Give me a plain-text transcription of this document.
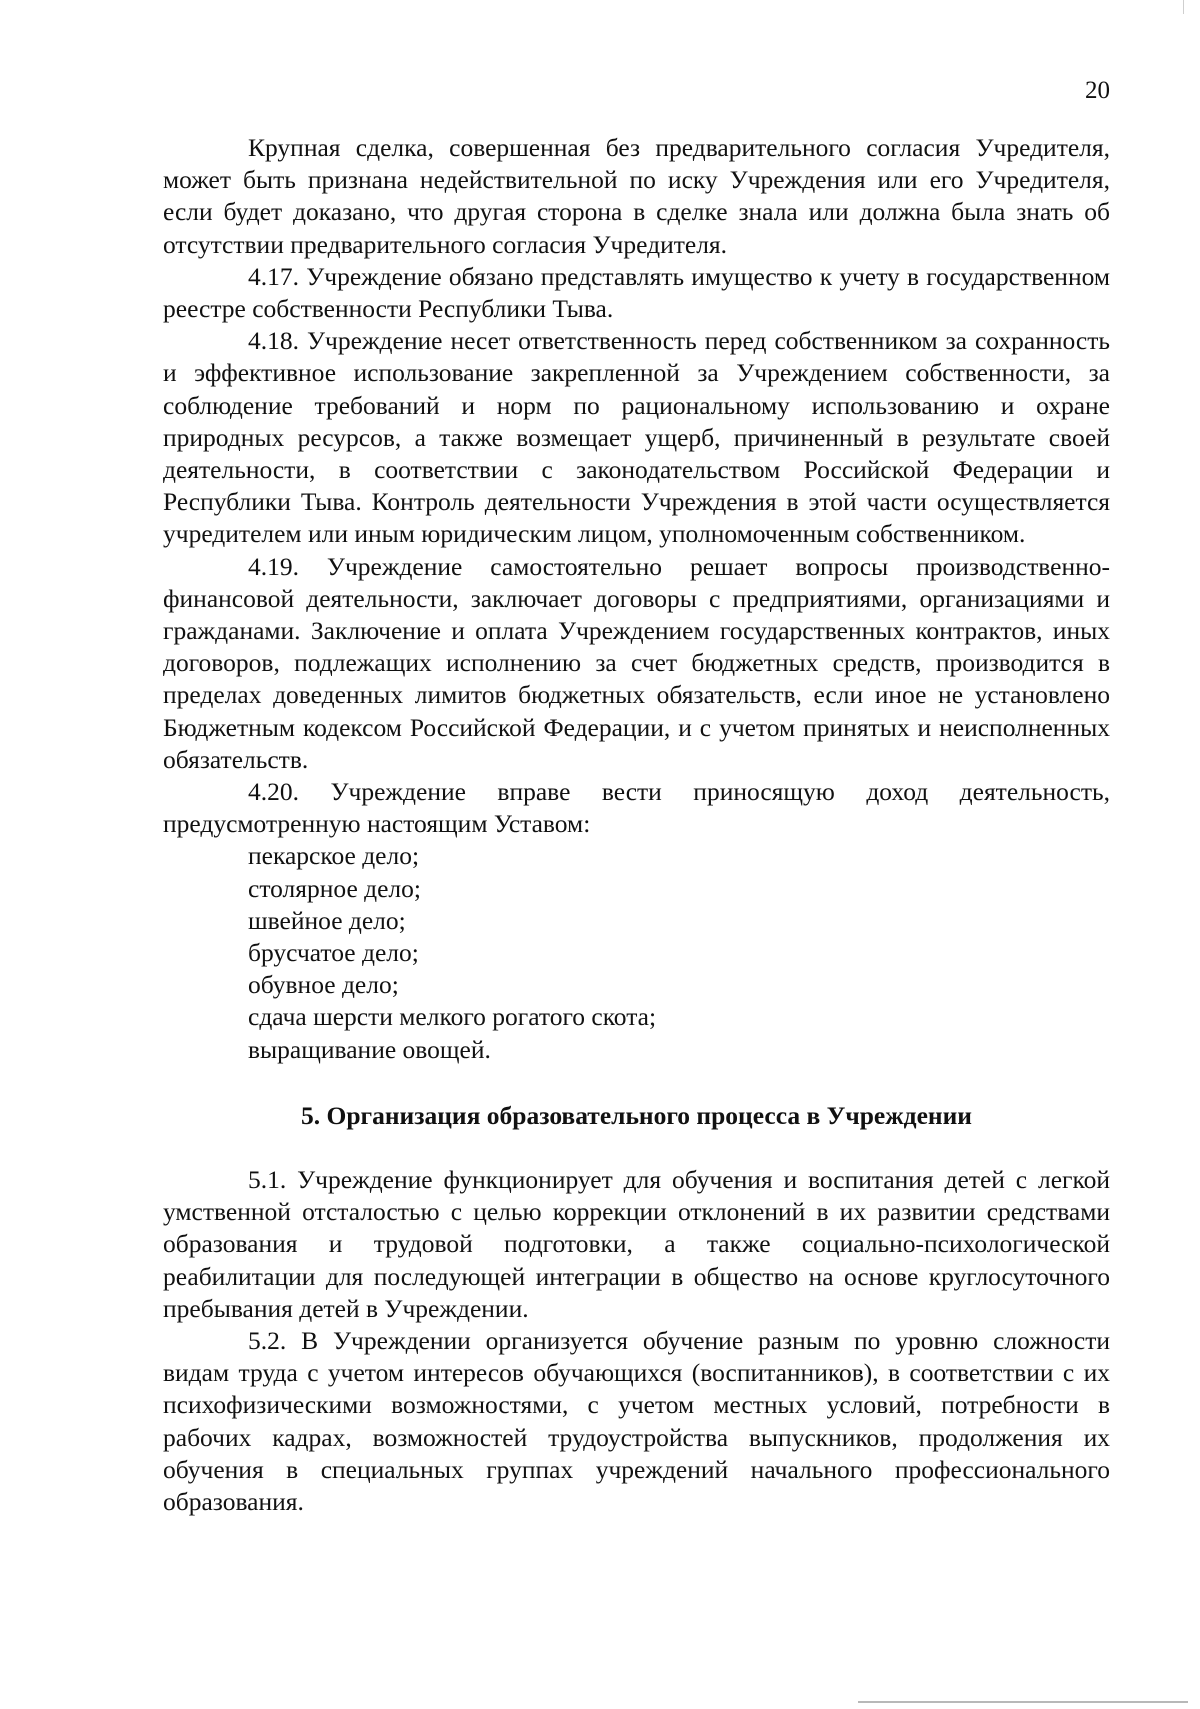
20

Крупная сделка, совершенная без предварительного согласия Учредителя, может быть признана недействительной по иску Учреждения или его Учредителя, если будет доказано, что другая сторона в сделке знала или должна была знать об отсутствии предварительного согласия Учредителя.

4.17. Учреждение обязано представлять имущество к учету в государственном реестре собственности Республики Тыва.

4.18. Учреждение несет ответственность перед собственником за сохранность и эффективное использование закрепленной за Учреждением собственности, за соблюдение требований и норм по рациональному использованию и охране природных ресурсов, а также возмещает ущерб, причиненный в результате своей деятельности, в соответствии с законодательством Российской Федерации и Республики Тыва. Контроль деятельности Учреждения в этой части осуществляется учредителем или иным юридическим лицом, уполномоченным собственником.

4.19. Учреждение самостоятельно решает вопросы производственно-финансовой деятельности, заключает договоры с предприятиями, организациями и гражданами. Заключение и оплата Учреждением государственных контрактов, иных договоров, подлежащих исполнению за счет бюджетных средств, производится в пределах доведенных лимитов бюджетных обязательств, если иное не установлено Бюджетным кодексом Российской Федерации, и с учетом принятых и неисполненных обязательств.

4.20. Учреждение вправе вести приносящую доход деятельность, предусмотренную настоящим Уставом:

пекарское дело;
столярное дело;
швейное дело;
брусчатое дело;
обувное дело;
сдача шерсти мелкого рогатого скота;
выращивание овощей.
5. Организация образовательного процесса в Учреждении

5.1. Учреждение функционирует для обучения и воспитания детей с легкой умственной отсталостью с целью коррекции отклонений в их развитии средствами образования и трудовой подготовки, а также социально-психологической реабилитации для последующей интеграции в общество на основе круглосуточного пребывания детей в Учреждении.

5.2. В Учреждении организуется обучение разным по уровню сложности видам труда с учетом интересов обучающихся (воспитанников), в соответствии с их психофизическими возможностями, с учетом местных условий, потребности в рабочих кадрах, возможностей трудоустройства выпускников, продолжения их обучения в специальных группах учреждений начального профессионального образования.
